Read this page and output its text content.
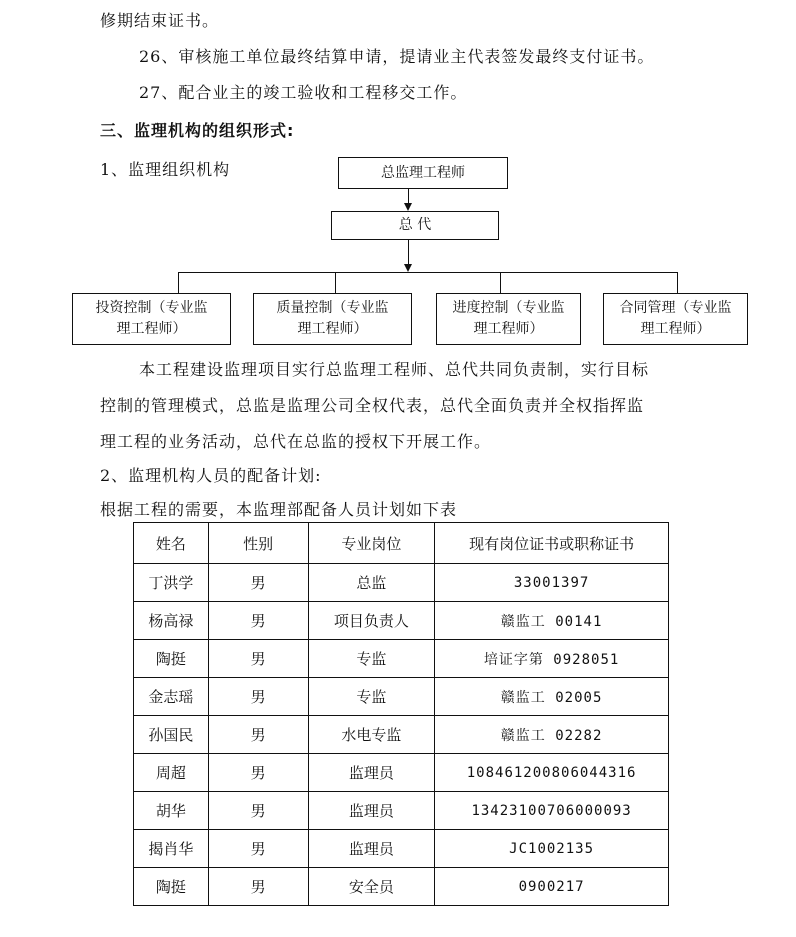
修期结束证书。
26、审核施工单位最终结算申请，提请业主代表签发最终支付证书。
27、配合业主的竣工验收和工程移交工作。
三、监理机构的组织形式:
1、监理组织机构	总监理工程师
总 代
投资控制（专业监
理工程师）
质量控制（专业监
理工程师）
进度控制（专业监
理工程师）
合同管理（专业监
理工程师）
本工程建设监理项目实行总监理工程师、总代共同负责制，实行目标
控制的管理模式，总监是监理公司全权代表，总代全面负责并全权指挥监
理工程的业务活动，总代在总监的授权下开展工作。
2、监理机构人员的配备计划:
根据工程的需要，本监理部配备人员计划如下表
姓名	性别	专业岗位	现有岗位证书或职称证书
丁洪学	男	总监	33001397
杨高禄	男	项目负责人	赣监工 00141
陶挺	男	专监	培证字第 0928051
金志瑶	男	专监	赣监工 02005
孙国民	男	水电专监	赣监工 02282
周超	男	监理员	108461200806044316
胡华	男	监理员	13423100706000093
揭肖华	男	监理员	JC1002135
陶挺	男	安全员	0900217
